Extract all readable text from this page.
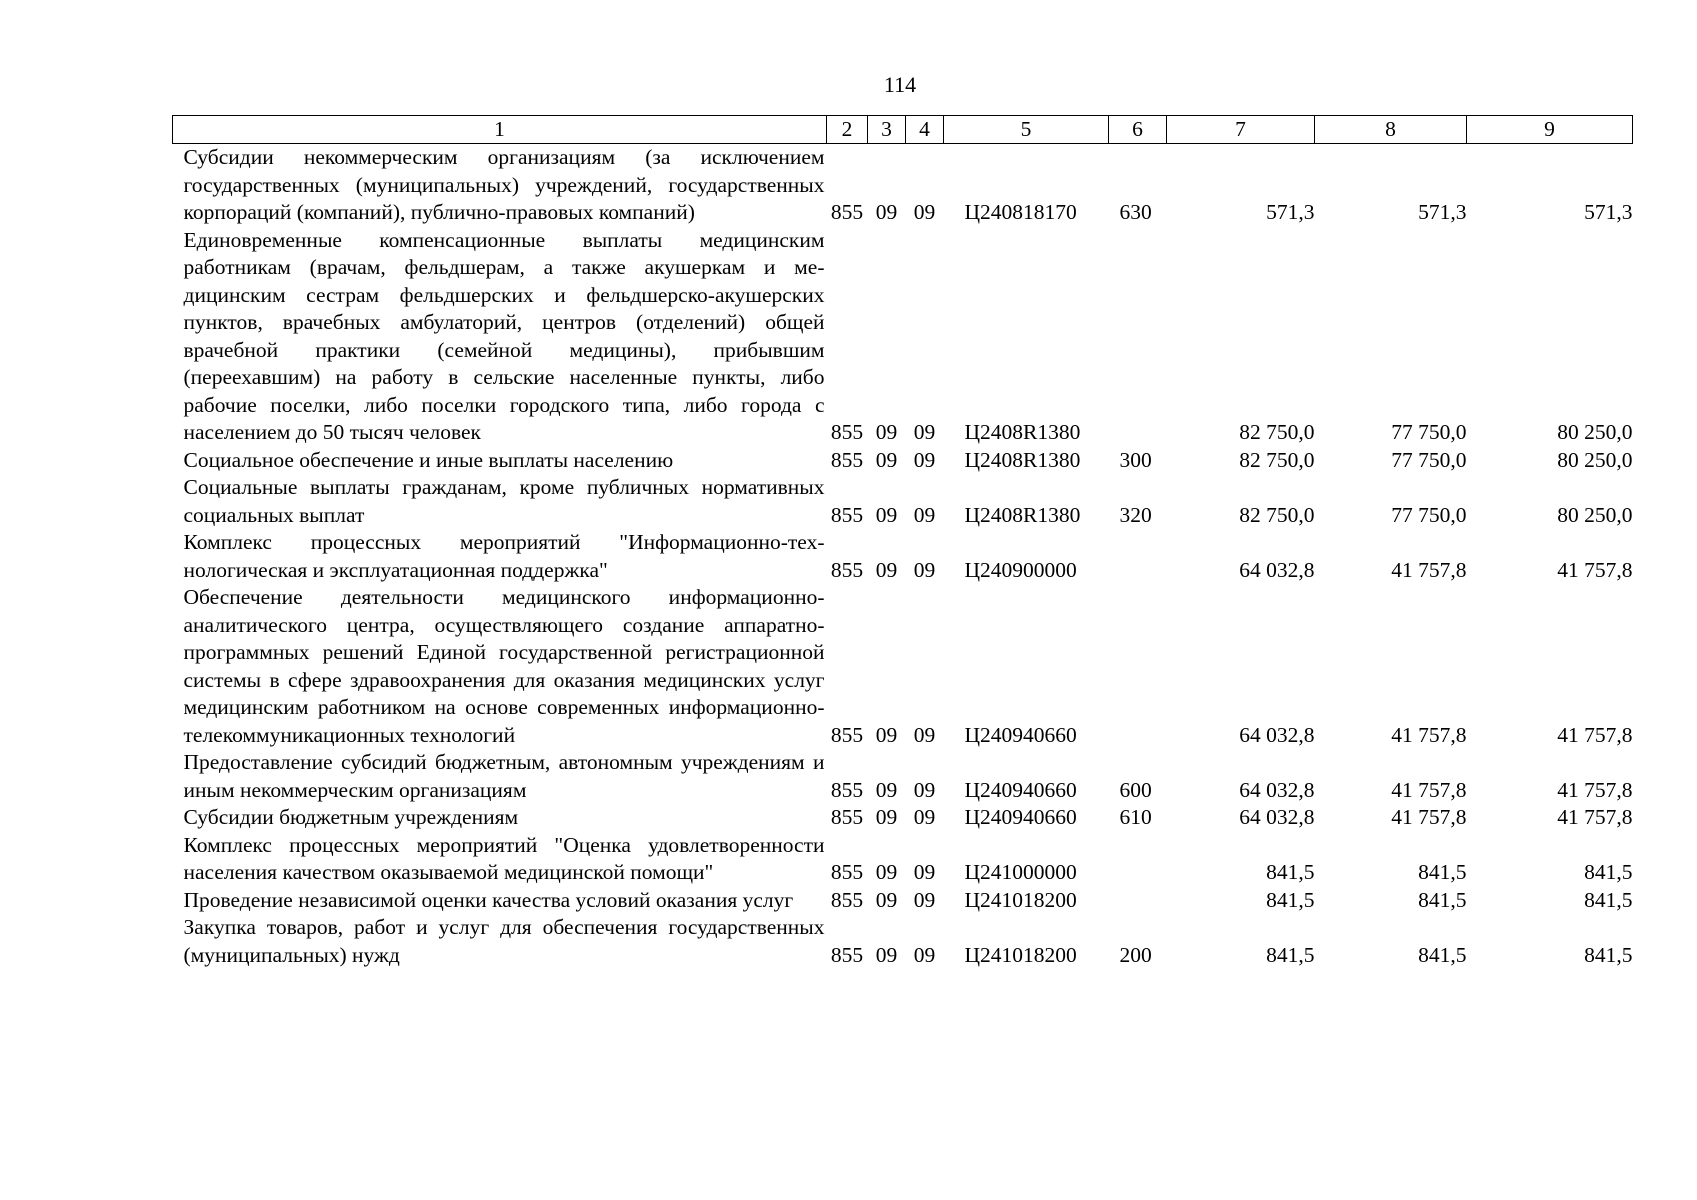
114
1	2	3	4	5	6	7	8	9
Субсидии некоммерческим организациям (за исключением государственных (муниципальных) учреждений, государственных корпораций (компаний), публично-правовых компаний)	855	09	09	Ц240818170	630	571,3	571,3	571,3
Единовременные компенсационные выплаты медицинским работникам (врачам, фельдшерам, а также акушеркам и медицинским сестрам фельдшерских и фельдшерско-акушерских пунктов, врачебных амбулаторий, центров (отделений) общей врачебной практики (семейной медицины), прибывшим (переехавшим) на работу в сельские населенные пункты, либо рабочие поселки, либо поселки городского типа, либо города с населением до 50 тысяч человек	855	09	09	Ц2408R1380		82 750,0	77 750,0	80 250,0
Социальное обеспечение и иные выплаты населению	855	09	09	Ц2408R1380	300	82 750,0	77 750,0	80 250,0
Социальные выплаты гражданам, кроме публичных нормативных социальных выплат	855	09	09	Ц2408R1380	320	82 750,0	77 750,0	80 250,0
Комплекс процессных мероприятий "Информационно-технологическая и эксплуатационная поддержка"	855	09	09	Ц240900000		64 032,8	41 757,8	41 757,8
Обеспечение деятельности медицинского информационно-аналитического центра, осуществляющего создание аппаратно-программных решений Единой государственной регистрационной системы в сфере здравоохранения для оказания медицинских услуг медицинским работником на основе современных информационно-телекоммуникационных технологий	855	09	09	Ц240940660		64 032,8	41 757,8	41 757,8
Предоставление субсидий бюджетным, автономным учреждениям и иным некоммерческим организациям	855	09	09	Ц240940660	600	64 032,8	41 757,8	41 757,8
Субсидии бюджетным учреждениям	855	09	09	Ц240940660	610	64 032,8	41 757,8	41 757,8
Комплекс процессных мероприятий "Оценка удовлетворенности населения качеством оказываемой медицинской помощи"	855	09	09	Ц241000000		841,5	841,5	841,5
Проведение независимой оценки качества условий оказания услуг	855	09	09	Ц241018200		841,5	841,5	841,5
Закупка товаров, работ и услуг для обеспечения государственных (муниципальных) нужд	855	09	09	Ц241018200	200	841,5	841,5	841,5
